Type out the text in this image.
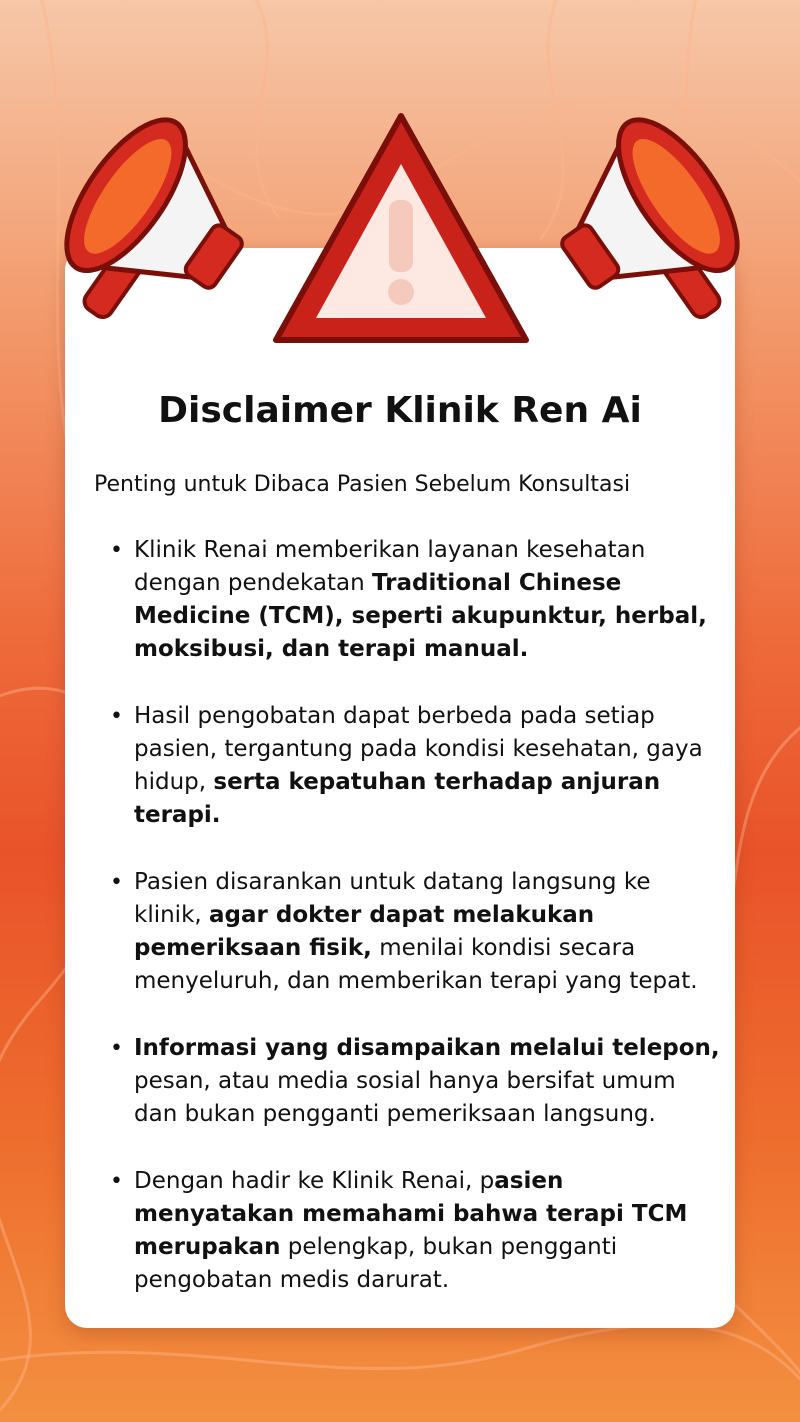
Disclaimer Klinik Ren Ai
Penting untuk Dibaca Pasien Sebelum Konsultasi
• Klinik Renai memberikan layanan kesehatan dengan pendekatan Traditional Chinese Medicine (TCM), seperti akupunktur, herbal, moksibusi, dan terapi manual.
• Hasil pengobatan dapat berbeda pada setiap pasien, tergantung pada kondisi kesehatan, gaya hidup, serta kepatuhan terhadap anjuran terapi.
• Pasien disarankan untuk datang langsung ke klinik, agar dokter dapat melakukan pemeriksaan fisik, menilai kondisi secara menyeluruh, dan memberikan terapi yang tepat.
• Informasi yang disampaikan melalui telepon, pesan, atau media sosial hanya bersifat umum dan bukan pengganti pemeriksaan langsung.
• Dengan hadir ke Klinik Renai, pasien menyatakan memahami bahwa terapi TCM merupakan pelengkap, bukan pengganti pengobatan medis darurat.
